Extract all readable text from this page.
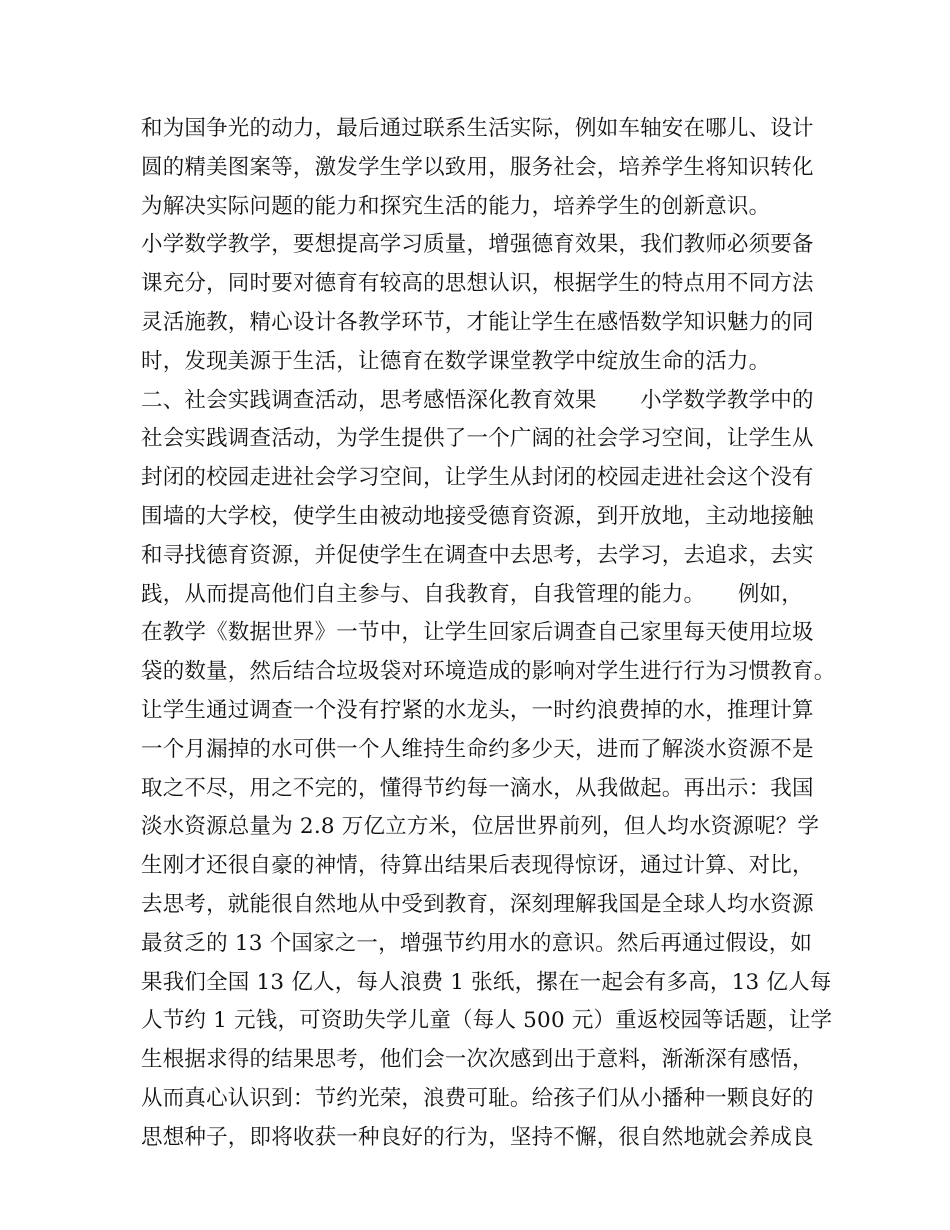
和为国争光的动力，最后通过联系生活实际，例如车轴安在哪儿、设计
圆的精美图案等，激发学生学以致用，服务社会，培养学生将知识转化
为解决实际问题的能力和探究生活的能力，培养学生的创新意识。
小学数学教学，要想提高学习质量，增强德育效果，我们教师必须要备
课充分，同时要对德育有较高的思想认识，根据学生的特点用不同方法
灵活施教，精心设计各教学环节，才能让学生在感悟数学知识魅力的同
时，发现美源于生活，让德育在数学课堂教学中绽放生命的活力。
二、社会实践调查活动，思考感悟深化教育效果　　小学数学教学中的
社会实践调查活动，为学生提供了一个广阔的社会学习空间，让学生从
封闭的校园走进社会学习空间，让学生从封闭的校园走进社会这个没有
围墙的大学校，使学生由被动地接受德育资源，到开放地，主动地接触
和寻找德育资源，并促使学生在调查中去思考，去学习，去追求，去实
践，从而提高他们自主参与、自我教育，自我管理的能力。　　例如，
在教学《数据世界》一节中，让学生回家后调查自己家里每天使用垃圾
袋的数量，然后结合垃圾袋对环境造成的影响对学生进行行为习惯教育。
让学生通过调查一个没有拧紧的水龙头，一时约浪费掉的水，推理计算
一个月漏掉的水可供一个人维持生命约多少天，进而了解淡水资源不是
取之不尽，用之不完的，懂得节约每一滴水，从我做起。再出示：我国
淡水资源总量为 2.8 万亿立方米，位居世界前列，但人均水资源呢？学
生刚才还很自豪的神情，待算出结果后表现得惊讶，通过计算、对比，
去思考，就能很自然地从中受到教育，深刻理解我国是全球人均水资源
最贫乏的 13 个国家之一，增强节约用水的意识。然后再通过假设，如
果我们全国 13 亿人，每人浪费 1 张纸，摞在一起会有多高，13 亿人每
人节约 1 元钱，可资助失学儿童（每人 500 元）重返校园等话题，让学
生根据求得的结果思考，他们会一次次感到出于意料，渐渐深有感悟，
从而真心认识到：节约光荣，浪费可耻。给孩子们从小播种一颗良好的
思想种子，即将收获一种良好的行为，坚持不懈，很自然地就会养成良
